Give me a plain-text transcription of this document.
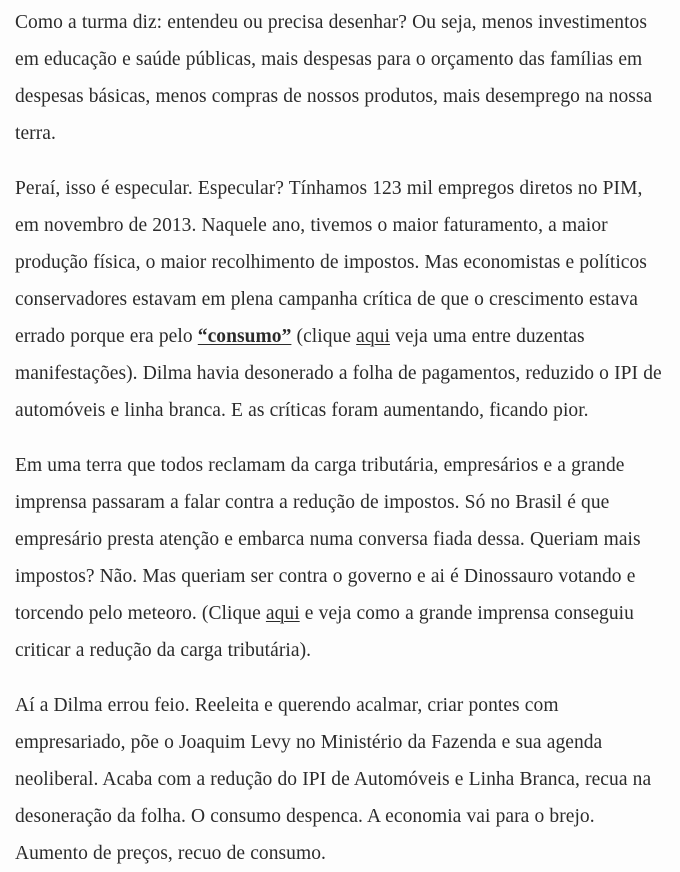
Como a turma diz: entendeu ou precisa desenhar? Ou seja, menos investimentos em educação e saúde públicas, mais despesas para o orçamento das famílias em despesas básicas, menos compras de nossos produtos, mais desemprego na nossa terra.

Peraí, isso é especular. Especular? Tínhamos 123 mil empregos diretos no PIM, em novembro de 2013. Naquele ano, tivemos o maior faturamento, a maior produção física, o maior recolhimento de impostos. Mas economistas e políticos conservadores estavam em plena campanha crítica de que o crescimento estava errado porque era pelo “consumo” (clique aqui veja uma entre duzentas manifestações). Dilma havia desonerado a folha de pagamentos, reduzido o IPI de automóveis e linha branca. E as críticas foram aumentando, ficando pior.

Em uma terra que todos reclamam da carga tributária, empresários e a grande imprensa passaram a falar contra a redução de impostos. Só no Brasil é que empresário presta atenção e embarca numa conversa fiada dessa. Queriam mais impostos? Não. Mas queriam ser contra o governo e ai é Dinossauro votando e torcendo pelo meteoro. (Clique aqui e veja como a grande imprensa conseguiu criticar a redução da carga tributária).

Aí a Dilma errou feio. Reeleita e querendo acalmar, criar pontes com empresariado, põe o Joaquim Levy no Ministério da Fazenda e sua agenda neoliberal. Acaba com a redução do IPI de Automóveis e Linha Branca, recua na desoneração da folha. O consumo despenca. A economia vai para o brejo. Aumento de preços, recuo de consumo.
